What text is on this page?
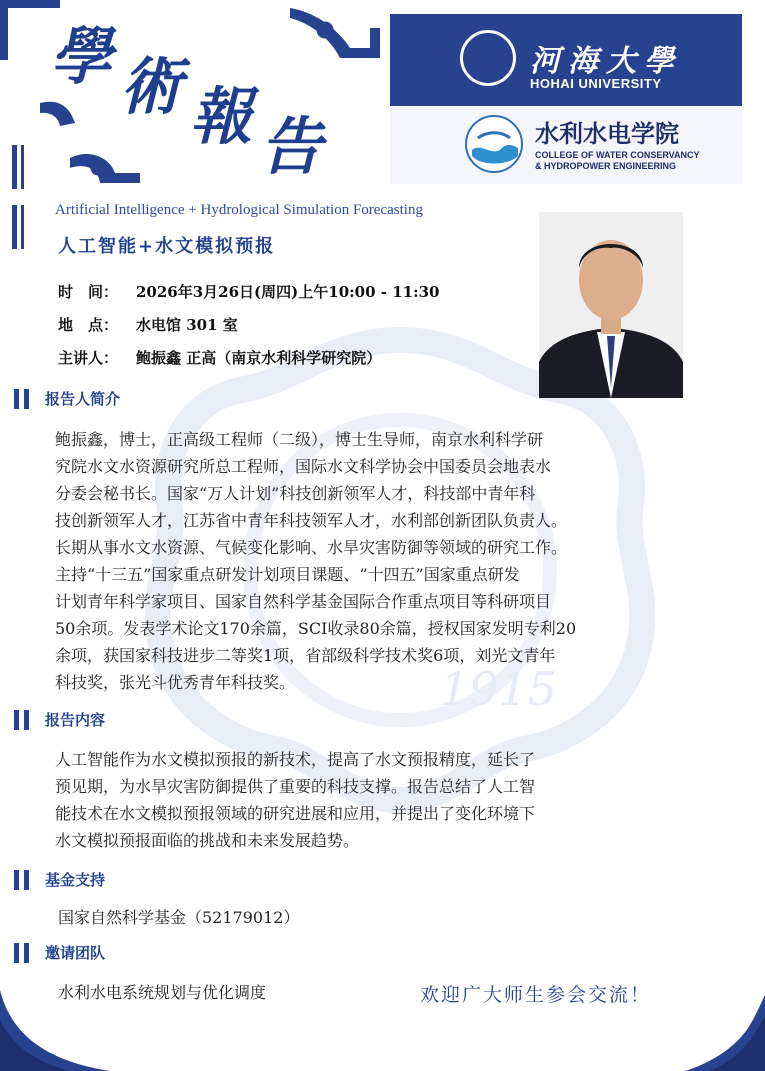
1915
學 術 報 告
河海大學
HOHAI UNIVERSITY
水利水电学院
COLLEGE OF WATER CONSERVANCY
& HYDROPOWER ENGINEERING
Artificial Intelligence + Hydrological Simulation Forecasting
人工智能+水文模拟预报
时　间： 2026年3月26日(周四)上午10:00 - 11:30
地　点： 水电馆 301 室
主讲人： 鲍振鑫 正高（南京水利科学研究院）
报告人简介
鲍振鑫，博士，正高级工程师（二级），博士生导师，南京水利科学研
究院水文水资源研究所总工程师，国际水文科学协会中国委员会地表水
分委会秘书长。国家“万人计划”科技创新领军人才，科技部中青年科
技创新领军人才，江苏省中青年科技领军人才，水利部创新团队负责人。
长期从事水文水资源、气候变化影响、水旱灾害防御等领域的研究工作。
主持“十三五”国家重点研发计划项目课题、“十四五”国家重点研发
计划青年科学家项目、国家自然科学基金国际合作重点项目等科研项目
50余项。发表学术论文170余篇，SCI收录80余篇，授权国家发明专利20
余项，获国家科技进步二等奖1项，省部级科学技术奖6项，刘光文青年
科技奖，张光斗优秀青年科技奖。
报告内容
人工智能作为水文模拟预报的新技术，提高了水文预报精度，延长了
预见期，为水旱灾害防御提供了重要的科技支撑。报告总结了人工智
能技术在水文模拟预报领域的研究进展和应用，并提出了变化环境下
水文模拟预报面临的挑战和未来发展趋势。
基金支持
国家自然科学基金（52179012）
邀请团队
水利水电系统规划与优化调度	欢迎广大师生参会交流！
